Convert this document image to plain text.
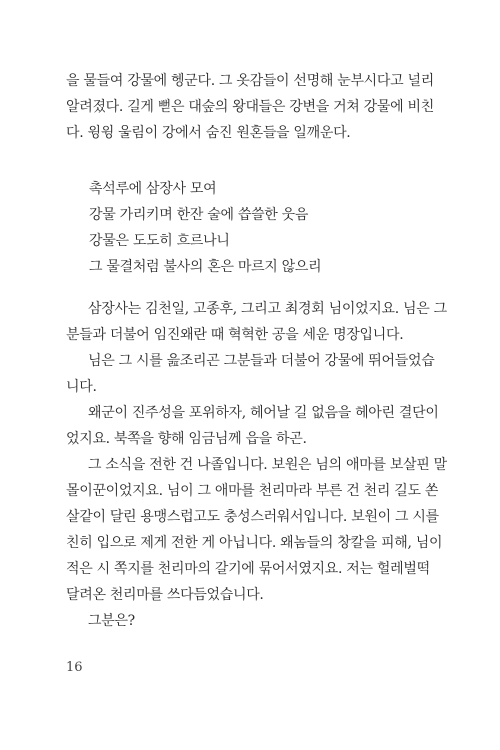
을 물들여 강물에 헹군다. 그 옷감들이 선명해 눈부시다고 널리
알려졌다. 길게 뻗은 대숲의 왕대들은 강변을 거쳐 강물에 비친
다. 윙윙 울림이 강에서 숨진 원혼들을 일깨운다.
촉석루에 삼장사 모여
강물 가리키며 한잔 술에 씁쓸한 웃음
강물은 도도히 흐르나니
그 물결처럼 불사의 혼은 마르지 않으리
삼장사는 김천일, 고종후, 그리고 최경회 님이었지요. 님은 그
분들과 더불어 임진왜란 때 혁혁한 공을 세운 명장입니다.
님은 그 시를 읊조리곤 그분들과 더불어 강물에 뛰어들었습
니다.
왜군이 진주성을 포위하자, 헤어날 길 없음을 헤아린 결단이
었지요. 북쪽을 향해 임금님께 읍을 하곤.
그 소식을 전한 건 나졸입니다. 보원은 님의 애마를 보살핀 말
몰이꾼이었지요. 님이 그 애마를 천리마라 부른 건 천리 길도 쏜
살같이 달린 용맹스럽고도 충성스러워서입니다. 보원이 그 시를
친히 입으로 제게 전한 게 아닙니다. 왜놈들의 창칼을 피해, 님이
적은 시 쪽지를 천리마의 갈기에 묶어서였지요. 저는 헐레벌떡
달려온 천리마를 쓰다듬었습니다.
그분은?
16
